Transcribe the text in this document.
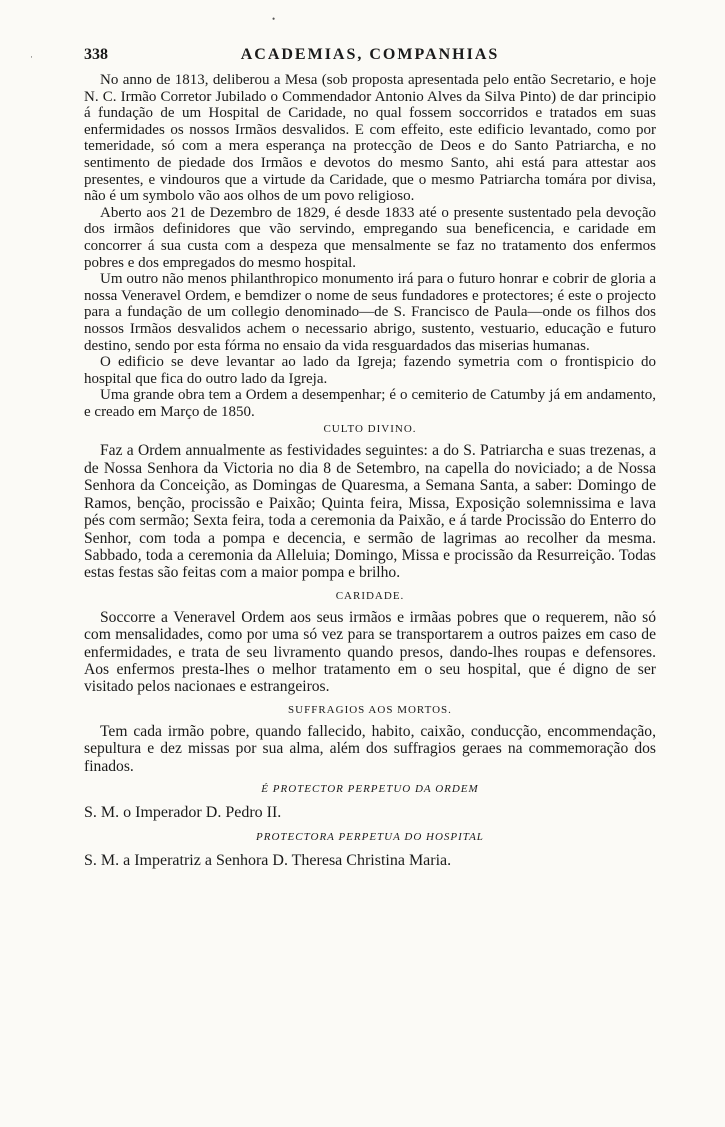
•
·	338	ACADEMIAS, COMPANHIAS

No anno de 1813, deliberou a Mesa (sob proposta apresentada pelo então Secretario, e hoje N. C. Irmão Corretor Jubilado o Commendador Antonio Alves da Silva Pinto) de dar principio á fundação de um Hospital de Caridade, no qual fossem soccorridos e tratados em suas enfermidades os nossos Irmãos desvalidos. E com effeito, este edificio levantado, como por temeridade, só com a mera esperança na protecção de Deos e do Santo Patriarcha, e no sentimento de piedade dos Irmãos e devotos do mesmo Santo, ahi está para attestar aos presentes, e vindouros que a virtude da Caridade, que o mesmo Patriarcha tomára por divisa, não é um symbolo vão aos olhos de um povo religioso.

Aberto aos 21 de Dezembro de 1829, é desde 1833 até o presente sustentado pela devoção dos irmãos definidores que vão servindo, empregando sua beneficencia, e caridade em concorrer á sua custa com a despeza que mensalmente se faz no tratamento dos enfermos pobres e dos empregados do mesmo hospital.

Um outro não menos philanthropico monumento irá para o futuro honrar e cobrir de gloria a nossa Veneravel Ordem, e bemdizer o nome de seus fundadores e protectores; é este o projecto para a fundação de um collegio denominado—de S. Francisco de Paula—onde os filhos dos nossos Irmãos desvalidos achem o necessario abrigo, sustento, vestuario, educação e futuro destino, sendo por esta fórma no ensaio da vida resguardados das miserias humanas.

O edificio se deve levantar ao lado da Igreja; fazendo symetria com o frontispicio do hospital que fica do outro lado da Igreja.

Uma grande obra tem a Ordem a desempenhar; é o cemiterio de Catumby já em andamento, e creado em Março de 1850.

CULTO DIVINO.

Faz a Ordem annualmente as festividades seguintes: a do S. Patriarcha e suas trezenas, a de Nossa Senhora da Victoria no dia 8 de Setembro, na capella do noviciado; a de Nossa Senhora da Conceição, as Domingas de Quaresma, a Semana Santa, a saber: Domingo de Ramos, benção, procissão e Paixão; Quinta feira, Missa, Exposição solemnissima e lava pés com sermão; Sexta feira, toda a ceremonia da Paixão, e á tarde Procissão do Enterro do Senhor, com toda a pompa e decencia, e sermão de lagrimas ao recolher da mesma. Sabbado, toda a ceremonia da Alleluia; Domingo, Missa e procissão da Resurreição. Todas estas festas são feitas com a maior pompa e brilho.

CARIDADE.

Soccorre a Veneravel Ordem aos seus irmãos e irmãas pobres que o requerem, não só com mensalidades, como por uma só vez para se transportarem a outros paizes em caso de enfermidades, e trata de seu livramento quando presos, dando-lhes roupas e defensores. Aos enfermos presta-lhes o melhor tratamento em o seu hospital, que é digno de ser visitado pelos nacionaes e estrangeiros.

SUFFRAGIOS AOS MORTOS.

Tem cada irmão pobre, quando fallecido, habito, caixão, conducção, encommendação, sepultura e dez missas por sua alma, além dos suffragios geraes na commemoração dos finados.

É PROTECTOR PERPETUO DA ORDEM

S. M. o Imperador D. Pedro II.

PROTECTORA PERPETUA DO HOSPITAL

S. M. a Imperatriz a Senhora D. Theresa Christina Maria.
